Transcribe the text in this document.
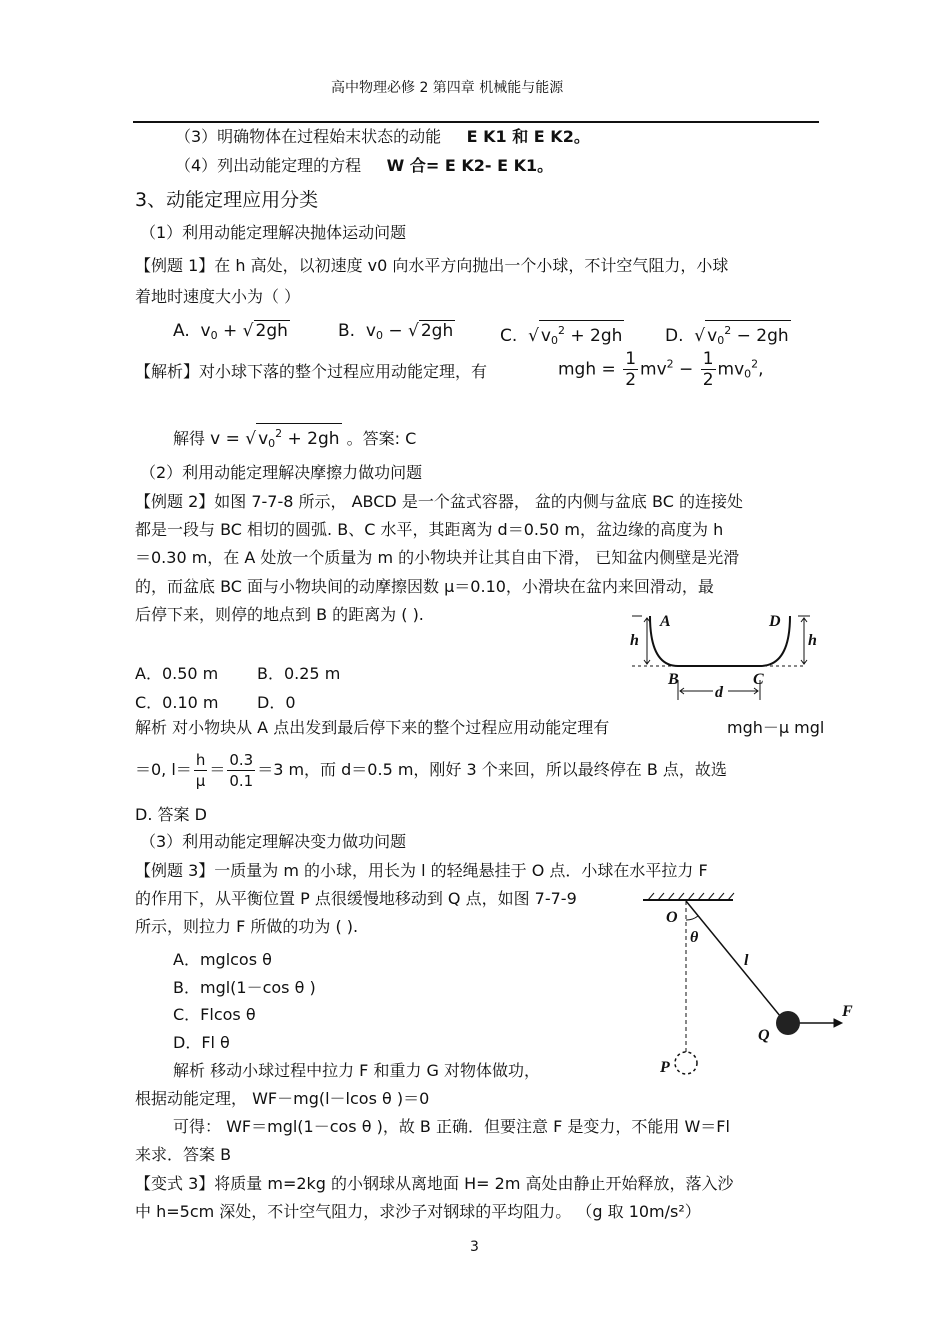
高中物理必修 2 第四章 机械能与能源
（3）明确物体在过程始末状态的动能 E K1 和 E K2。
（4）列出动能定理的方程 W 合= E K2- E K1。
3、动能定理应用分类
（1）利用动能定理解决抛体运动问题
【例题 1】在 h 高处，以初速度 v0 向水平方向抛出一个小球，不计空气阻力，小球
着地时速度大小为（ ）
A.  $v_0$ + √ 2gh	B.  $v_0$ − √ 2gh	C.  √ $v_0^2 + 2gh$	D.  √ $v_0^2 - 2gh$
【解析】对小球下落的整个过程应用动能定理，有	mgh = $\frac{1}{2} mv^2 - \frac{1}{2} mv_0^2$,
解得 v = √ $v_0^2 + 2gh$ 。答案: C
（2）利用动能定理解决摩擦力做功问题
【例题 2】如图 7-7-8 所示， ABCD 是一个盆式容器， 盆的内侧与盆底 BC 的连接处
都是一段与 BC 相切的圆弧. B、C 水平，其距离为 d＝0.50 m，盆边缘的高度为 h
＝0.30 m，在 A 处放一个质量为 m 的小物块并让其自由下滑， 已知盆内侧壁是光滑
的，而盆底 BC 面与小物块间的动摩擦因数 μ＝0.10，小滑块在盆内来回滑动，最
后停下来，则停的地点到 B 的距离为 ( ).	A	D
h	h
B	C
d
A．0.50 m B．0.25 m
C．0.10 m D．0
解析 对小物块从 A 点出发到最后停下来的整个过程应用动能定理有	mgh－μ mgl
＝0, $l= \frac{h}{\mu} = \frac{0.3}{0.1} =3$ m，而 d＝0.5 m，刚好 3 个来回，所以最终停在 B 点，故选
D. 答案 D
（3）利用动能定理解决变力做功问题
【例题 3】一质量为 m 的小球，用长为 l 的轻绳悬挂于 O 点．小球在水平拉力 F
的作用下，从平衡位置 P 点很缓慢地移动到 Q 点，如图 7-7-9
所示，则拉力 F 所做的功为 ( ).
A．mglcos θ
B．mgl(1－cos θ )
C．Flcos θ
D．Fl θ
O
θ
l
Q
P
F
解析 移动小球过程中拉力 F 和重力 G 对物体做功，
根据动能定理， WF－mg(l－lcos θ )＝0
可得： WF＝mgl(1－cos θ )，故 B 正确．但要注意 F 是变力，不能用 W＝Fl
来求．答案 B
【变式 3】将质量 m=2kg 的小钢球从离地面 H= 2m 高处由静止开始释放，落入沙
中 h=5cm 深处，不计空气阻力，求沙子对钢球的平均阻力。 （g 取 10m/s²）
3
